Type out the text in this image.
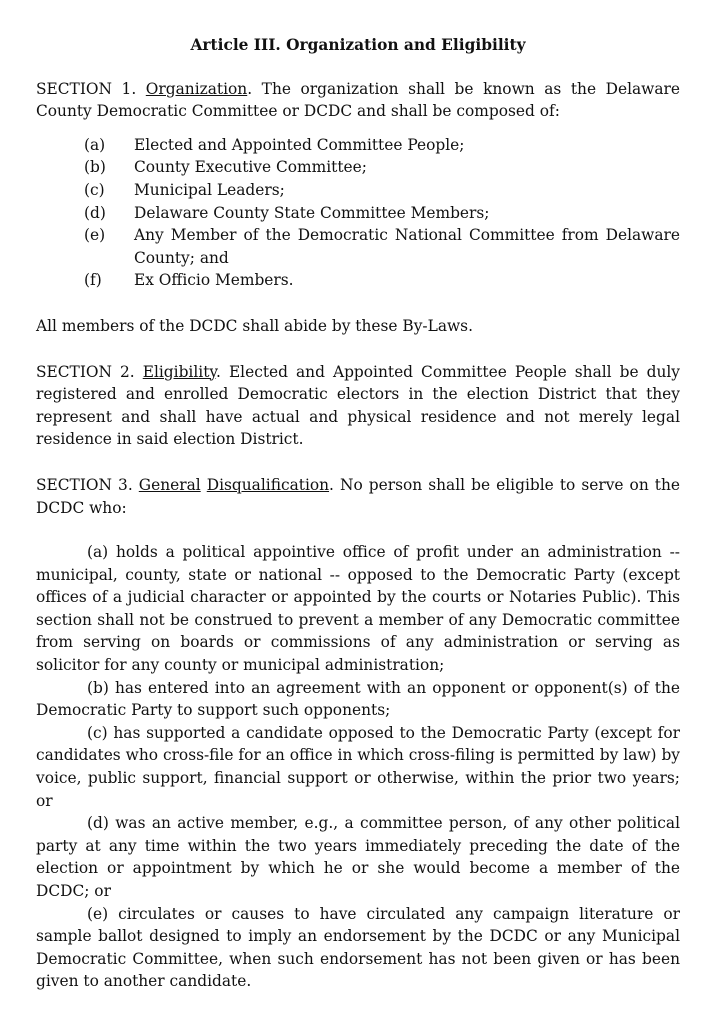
Article III. Organization and Eligibility

SECTION 1. Organization. The organization shall be known as the Delaware County Democratic Committee or DCDC and shall be composed of:

(a)	Elected and Appointed Committee People;
(b)	County Executive Committee;
(c)	Municipal Leaders;
(d)	Delaware County State Committee Members;
(e)	Any Member of the Democratic National Committee from Delaware County; and
(f)	Ex Officio Members.

All members of the DCDC shall abide by these By-Laws.

SECTION 2. Eligibility. Elected and Appointed Committee People shall be duly registered and enrolled Democratic electors in the election District that they represent and shall have actual and physical residence and not merely legal residence in said election District.

SECTION 3. General Disqualification. No person shall be eligible to serve on the DCDC who:

(a) holds a political appointive office of profit under an administration -- municipal, county, state or national -- opposed to the Democratic Party (except offices of a judicial character or appointed by the courts or Notaries Public). This section shall not be construed to prevent a member of any Democratic committee from serving on boards or commissions of any administration or serving as solicitor for any county or municipal administration;

(b) has entered into an agreement with an opponent or opponent(s) of the Democratic Party to support such opponents;

(c) has supported a candidate opposed to the Democratic Party (except for candidates who cross-file for an office in which cross-filing is permitted by law) by voice, public support, financial support or otherwise, within the prior two years; or

(d) was an active member, e.g., a committee person, of any other political party at any time within the two years immediately preceding the date of the election or appointment by which he or she would become a member of the DCDC; or

(e) circulates or causes to have circulated any campaign literature or sample ballot designed to imply an endorsement by the DCDC or any Municipal Democratic Committee, when such endorsement has not been given or has been given to another candidate.
